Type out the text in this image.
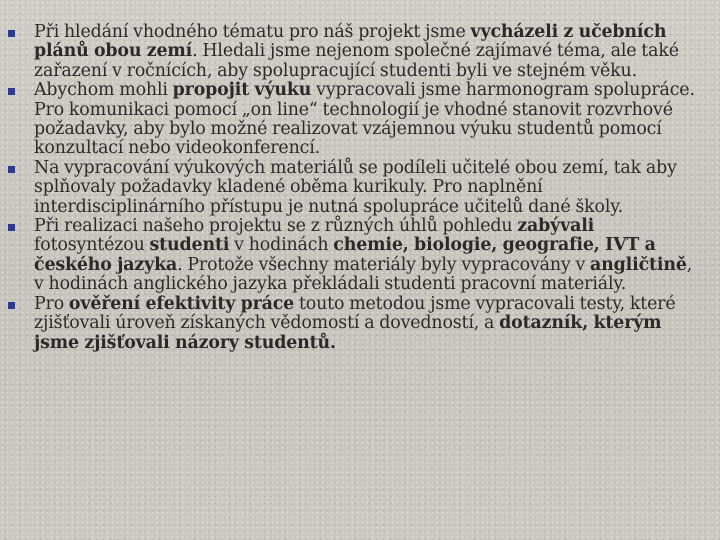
Při hledání vhodného tématu pro náš projekt jsme vycházeli z učebních plánů obou zemí. Hledali jsme nejenom společné zajímavé téma, ale také zařazení v ročnících, aby spolupracující studenti byli ve stejném věku.
Abychom mohli propojit výuku vypracovali jsme harmonogram spolupráce. Pro komunikaci pomocí „on line“ technologií je vhodné stanovit rozvrhové požadavky, aby bylo možné realizovat vzájemnou výuku studentů pomocí konzultací nebo videokonferencí.
Na vypracování výukových materiálů se podíleli učitelé obou zemí, tak aby splňovaly požadavky kladené oběma kurikuly. Pro naplnění interdisciplinárního přístupu je nutná spolupráce učitelů dané školy.
Při realizaci našeho projektu se z různých úhlů pohledu zabývali fotosyntézou studenti v hodinách chemie, biologie, geografie, IVT a českého jazyka. Protože všechny materiály byly vypracovány v angličtině, v hodinách anglického jazyka překládali studenti pracovní materiály.
Pro ověření efektivity práce touto metodou jsme vypracovali testy, které zjišťovali úroveň získaných vědomostí a dovedností, a dotazník, kterým jsme zjišťovali názory studentů.
